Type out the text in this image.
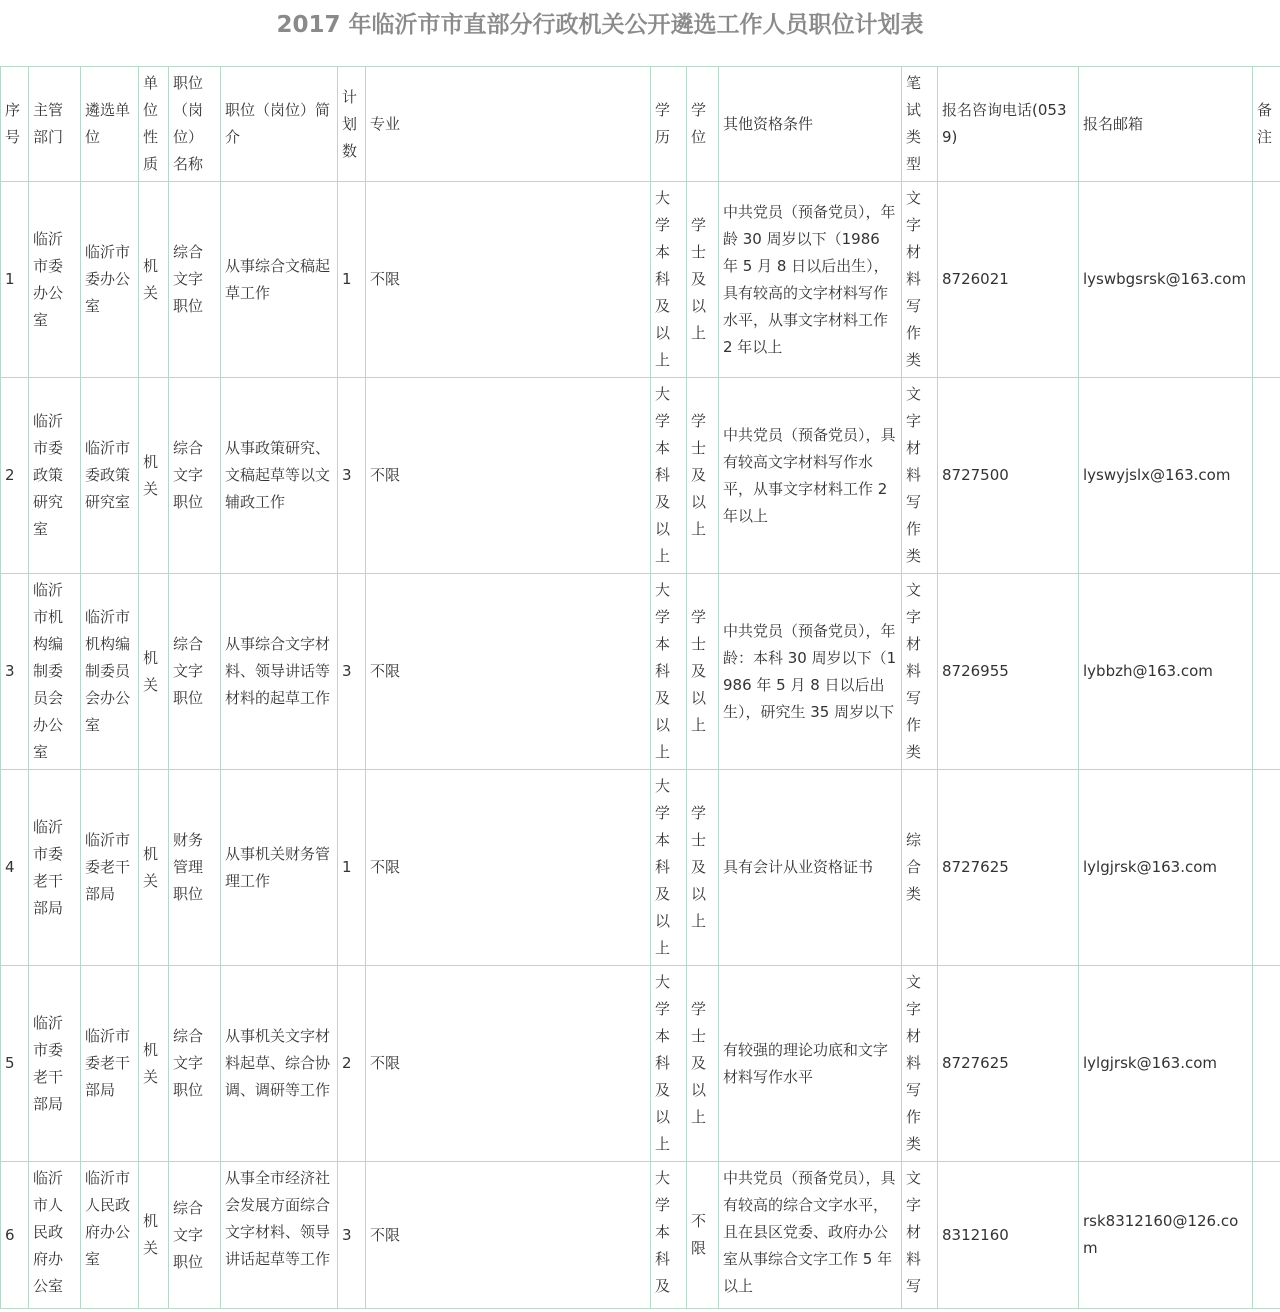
2017 年临沂市市直部分行政机关公开遴选工作人员职位计划表
序号	主管部门	遴选单位	单位性质	职位（岗位）名称	职位（岗位）简介	计划数	专业	学历	学位	其他资格条件	笔试类型	报名咨询电话(0539)	报名邮箱	备注
1	临沂市委办公室	临沂市委办公室	机关	综合文字职位	从事综合文稿起草工作	1	不限	大学本科及以上	学士及以上	中共党员（预备党员），年龄 30 周岁以下（1986 年 5 月 8 日以后出生），具有较高的文字材料写作水平，从事文字材料工作 2 年以上	文字材料写作类	8726021	lyswbgsrsk@163.com	
2	临沂市委政策研究室	临沂市委政策研究室	机关	综合文字职位	从事政策研究、文稿起草等以文辅政工作	3	不限	大学本科及以上	学士及以上	中共党员（预备党员），具有较高文字材料写作水平，从事文字材料工作 2 年以上	文字材料写作类	8727500	lyswyjslx@163.com	
3	临沂市机构编制委员会办公室	临沂市机构编制委员会办公室	机关	综合文字职位	从事综合文字材料、领导讲话等材料的起草工作	3	不限	大学本科及以上	学士及以上	中共党员（预备党员），年龄：本科 30 周岁以下（1986 年 5 月 8 日以后出生），研究生 35 周岁以下	文字材料写作类	8726955	lybbzh@163.com	
4	临沂市委老干部局	临沂市委老干部局	机关	财务管理职位	从事机关财务管理工作	1	不限	大学本科及以上	学士及以上	具有会计从业资格证书	综合类	8727625	lylgjrsk@163.com	
5	临沂市委老干部局	临沂市委老干部局	机关	综合文字职位	从事机关文字材料起草、综合协调、调研等工作	2	不限	大学本科及以上	学士及以上	有较强的理论功底和文字材料写作水平	文字材料写作类	8727625	lylgjrsk@163.com	
6	临沂市人民政府办公室	临沂市人民政府办公室	机关	综合文字职位	从事全市经济社会发展方面综合文字材料、领导讲话起草等工作	3	不限	大学本科及	不限	中共党员（预备党员），具有较高的综合文字水平，且在县区党委、政府办公室从事综合文字工作 5 年以上	文字材料写	8312160	rsk8312160@126.com	
